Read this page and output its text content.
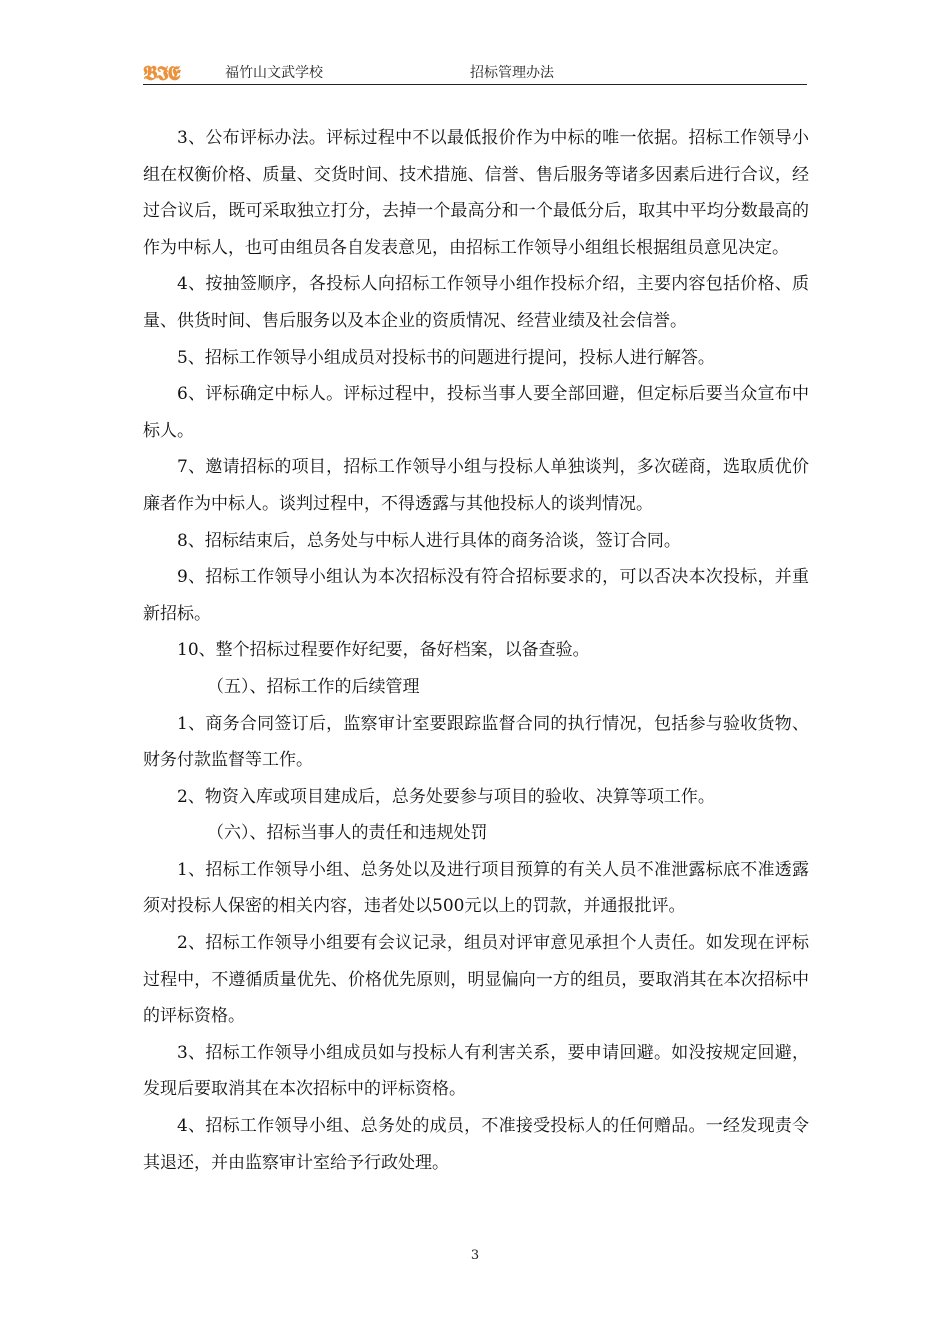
𝕭𝕴𝕰	福竹山文武学校	招标管理办法

3、公布评标办法。评标过程中不以最低报价作为中标的唯一依据。招标工作领导小组在权衡价格、质量、交货时间、技术措施、信誉、售后服务等诸多因素后进行合议，经过合议后，既可采取独立打分，去掉一个最高分和一个最低分后，取其中平均分数最高的作为中标人，也可由组员各自发表意见，由招标工作领导小组组长根据组员意见决定。

4、按抽签顺序，各投标人向招标工作领导小组作投标介绍，主要内容包括价格、质量、供货时间、售后服务以及本企业的资质情况、经营业绩及社会信誉。

5、招标工作领导小组成员对投标书的问题进行提问，投标人进行解答。

6、评标确定中标人。评标过程中，投标当事人要全部回避，但定标后要当众宣布中标人。

7、邀请招标的项目，招标工作领导小组与投标人单独谈判，多次磋商，选取质优价廉者作为中标人。谈判过程中，不得透露与其他投标人的谈判情况。

8、招标结束后，总务处与中标人进行具体的商务洽谈，签订合同。

9、招标工作领导小组认为本次招标没有符合招标要求的，可以否决本次投标，并重新招标。

10、整个招标过程要作好纪要，备好档案，以备查验。

（五）、招标工作的后续管理

1、商务合同签订后，监察审计室要跟踪监督合同的执行情况，包括参与验收货物、财务付款监督等工作。

2、物资入库或项目建成后，总务处要参与项目的验收、决算等项工作。

（六）、招标当事人的责任和违规处罚

1、招标工作领导小组、总务处以及进行项目预算的有关人员不准泄露标底不准透露须对投标人保密的相关内容，违者处以500元以上的罚款，并通报批评。

2、招标工作领导小组要有会议记录，组员对评审意见承担个人责任。如发现在评标过程中，不遵循质量优先、价格优先原则，明显偏向一方的组员，要取消其在本次招标中的评标资格。

3、招标工作领导小组成员如与投标人有利害关系，要申请回避。如没按规定回避，发现后要取消其在本次招标中的评标资格。

4、招标工作领导小组、总务处的成员，不准接受投标人的任何赠品。一经发现责令其退还，并由监察审计室给予行政处理。

3
